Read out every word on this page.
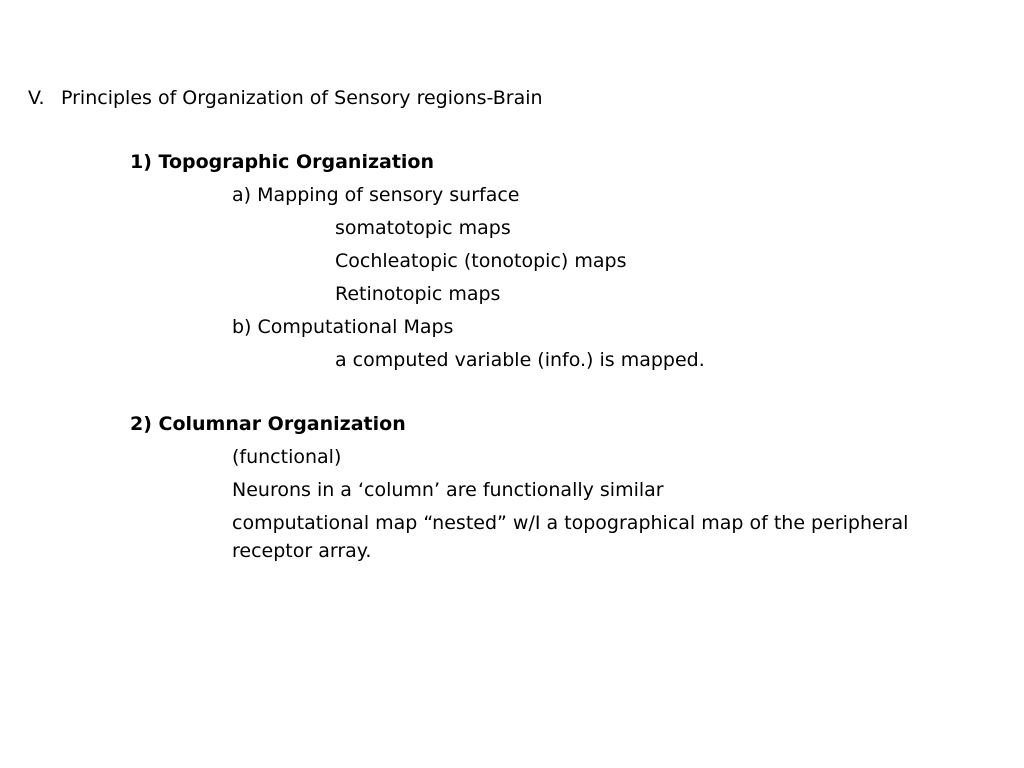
V. Principles of Organization of Sensory regions-Brain
1) Topographic Organization
a) Mapping of sensory surface
somatotopic maps
Cochleatopic (tonotopic) maps
Retinotopic maps
b) Computational Maps
a computed variable (info.) is mapped.
2) Columnar Organization
(functional)
Neurons in a ‘column’ are functionally similar
computational map “nested” w/I a topographical map of the peripheral receptor array.
